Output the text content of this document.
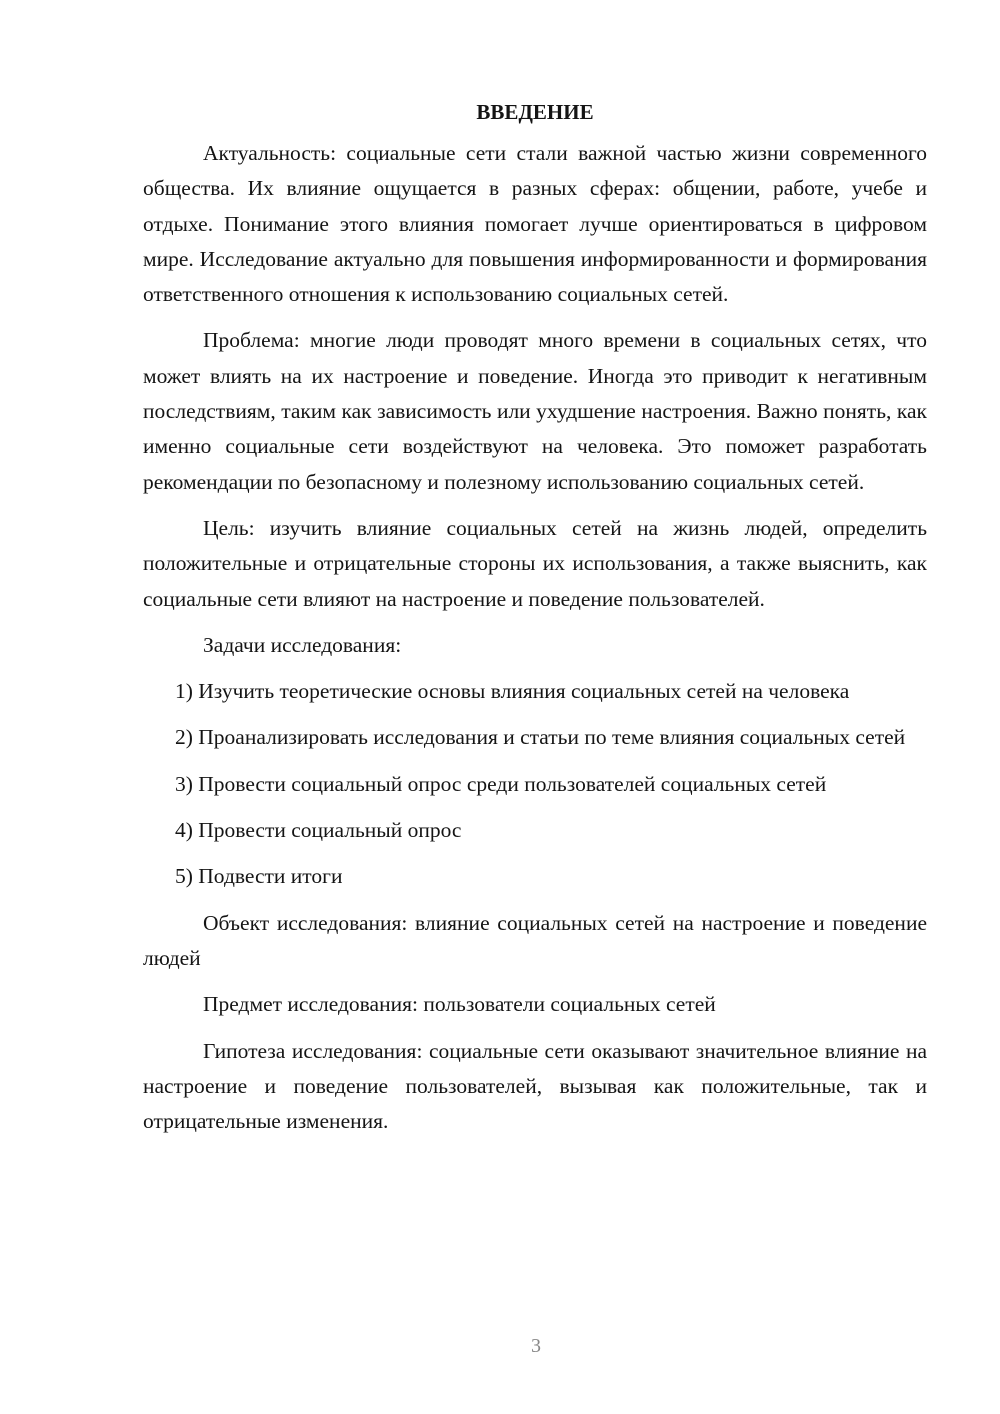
ВВЕДЕНИЕ

Актуальность: социальные сети стали важной частью жизни современного общества. Их влияние ощущается в разных сферах: общении, работе, учебе и отдыхе. Понимание этого влияния помогает лучше ориентироваться в цифровом мире. Исследование актуально для повышения информированности и формирования ответственного отношения к использованию социальных сетей.

Проблема: многие люди проводят много времени в социальных сетях, что может влиять на их настроение и поведение. Иногда это приводит к негативным последствиям, таким как зависимость или ухудшение настроения. Важно понять, как именно социальные сети воздействуют на человека. Это поможет разработать рекомендации по безопасному и полезному использованию социальных сетей.

Цель: изучить влияние социальных сетей на жизнь людей, определить положительные и отрицательные стороны их использования, а также выяснить, как социальные сети влияют на настроение и поведение пользователей.

Задачи исследования:

1) Изучить теоретические основы влияния социальных сетей на человека

2) Проанализировать исследования и статьи по теме влияния социальных сетей

3) Провести социальный опрос среди пользователей социальных сетей

4) Провести социальный опрос

5) Подвести итоги

Объект исследования: влияние социальных сетей на настроение и поведение людей

Предмет исследования: пользователи социальных сетей

Гипотеза исследования: социальные сети оказывают значительное влияние на настроение и поведение пользователей, вызывая как положительные, так и отрицательные изменения.

3
